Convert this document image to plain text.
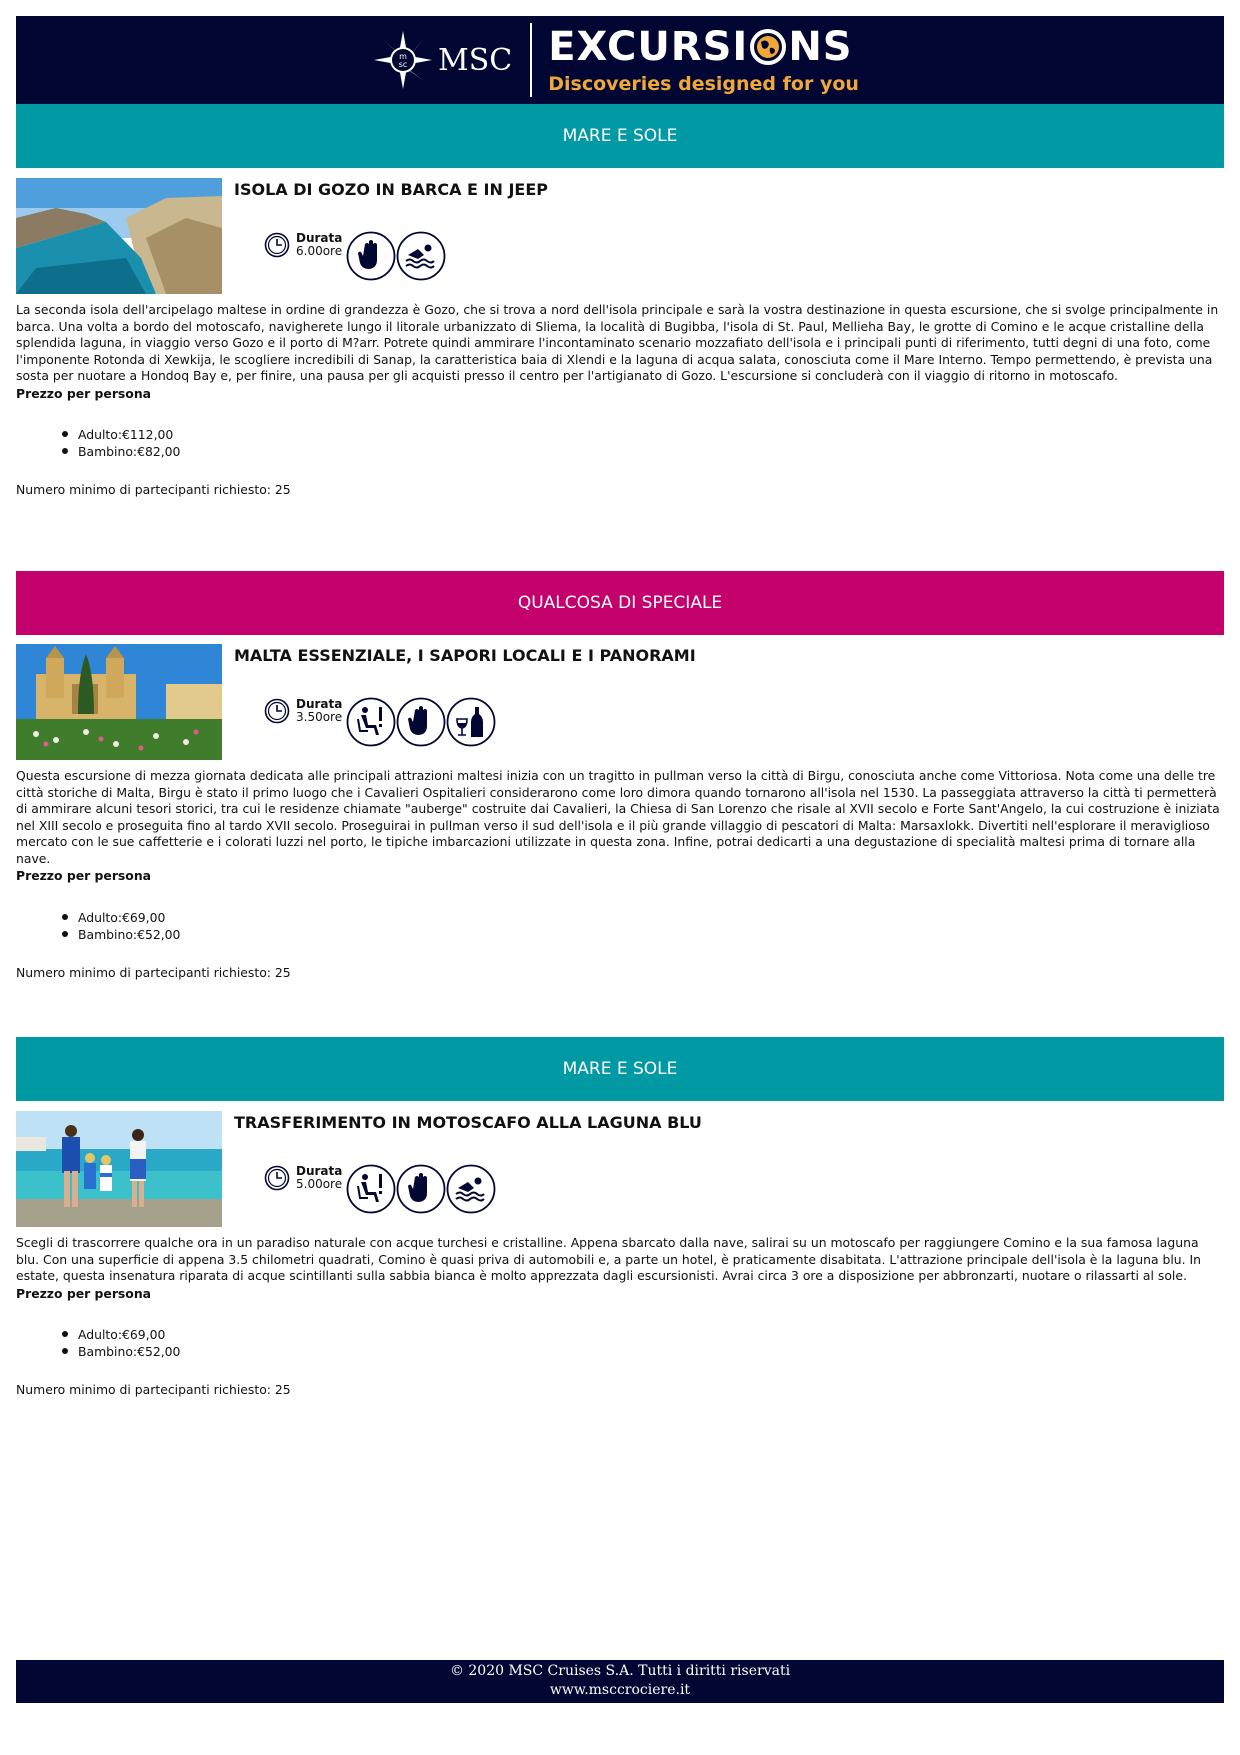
m
sc MSC EXCURSI NS
Discoveries designed for you
MARE E SOLE
ISOLA DI GOZO IN BARCA E IN JEEP
Durata
6.00ore
La seconda isola dell'arcipelago maltese in ordine di grandezza è Gozo, che si trova a nord dell'isola principale e sarà la vostra destinazione in questa escursione, che si svolge principalmente in barca. Una volta a bordo del motoscafo, navigherete lungo il litorale urbanizzato di Sliema, la località di Bugibba, l'isola di St. Paul, Mellieha Bay, le grotte di Comino e le acque cristalline della splendida laguna, in viaggio verso Gozo e il porto di M?arr. Potrete quindi ammirare l'incontaminato scenario mozzafiato dell'isola e i principali punti di riferimento, tutti degni di una foto, come l'imponente Rotonda di Xewkija, le scogliere incredibili di Sanap, la caratteristica baia di Xlendi e la laguna di acqua salata, conosciuta come il Mare Interno. Tempo permettendo, è prevista una sosta per nuotare a Hondoq Bay e, per finire, una pausa per gli acquisti presso il centro per l'artigianato di Gozo. L'escursione si concluderà con il viaggio di ritorno in motoscafo.
Prezzo per persona
Adulto:€112,00
Bambino:€82,00
Numero minimo di partecipanti richiesto: 25
QUALCOSA DI SPECIALE
MALTA ESSENZIALE, I SAPORI LOCALI E I PANORAMI
Durata
3.50ore
Questa escursione di mezza giornata dedicata alle principali attrazioni maltesi inizia con un tragitto in pullman verso la città di Birgu, conosciuta anche come Vittoriosa. Nota come una delle tre città storiche di Malta, Birgu è stato il primo luogo che i Cavalieri Ospitalieri considerarono come loro dimora quando tornarono all'isola nel 1530. La passeggiata attraverso la città ti permetterà di ammirare alcuni tesori storici, tra cui le residenze chiamate "auberge" costruite dai Cavalieri, la Chiesa di San Lorenzo che risale al XVII secolo e Forte Sant'Angelo, la cui costruzione è iniziata nel XIII secolo e proseguita fino al tardo XVII secolo. Proseguirai in pullman verso il sud dell'isola e il più grande villaggio di pescatori di Malta: Marsaxlokk. Divertiti nell'esplorare il meraviglioso mercato con le sue caffetterie e i colorati luzzi nel porto, le tipiche imbarcazioni utilizzate in questa zona. Infine, potrai dedicarti a una degustazione di specialità maltesi prima di tornare alla nave.
Prezzo per persona
Adulto:€69,00
Bambino:€52,00
Numero minimo di partecipanti richiesto: 25
MARE E SOLE
TRASFERIMENTO IN MOTOSCAFO ALLA LAGUNA BLU
Durata
5.00ore
Scegli di trascorrere qualche ora in un paradiso naturale con acque turchesi e cristalline. Appena sbarcato dalla nave, salirai su un motoscafo per raggiungere Comino e la sua famosa laguna blu. Con una superficie di appena 3.5 chilometri quadrati, Comino è quasi priva di automobili e, a parte un hotel, è praticamente disabitata. L'attrazione principale dell'isola è la laguna blu. In estate, questa insenatura riparata di acque scintillanti sulla sabbia bianca è molto apprezzata dagli escursionisti. Avrai circa 3 ore a disposizione per abbronzarti, nuotare o rilassarti al sole.
Prezzo per persona
Adulto:€69,00
Bambino:€52,00
Numero minimo di partecipanti richiesto: 25
© 2020 MSC Cruises S.A. Tutti i diritti riservati
www.msccrociere.it
